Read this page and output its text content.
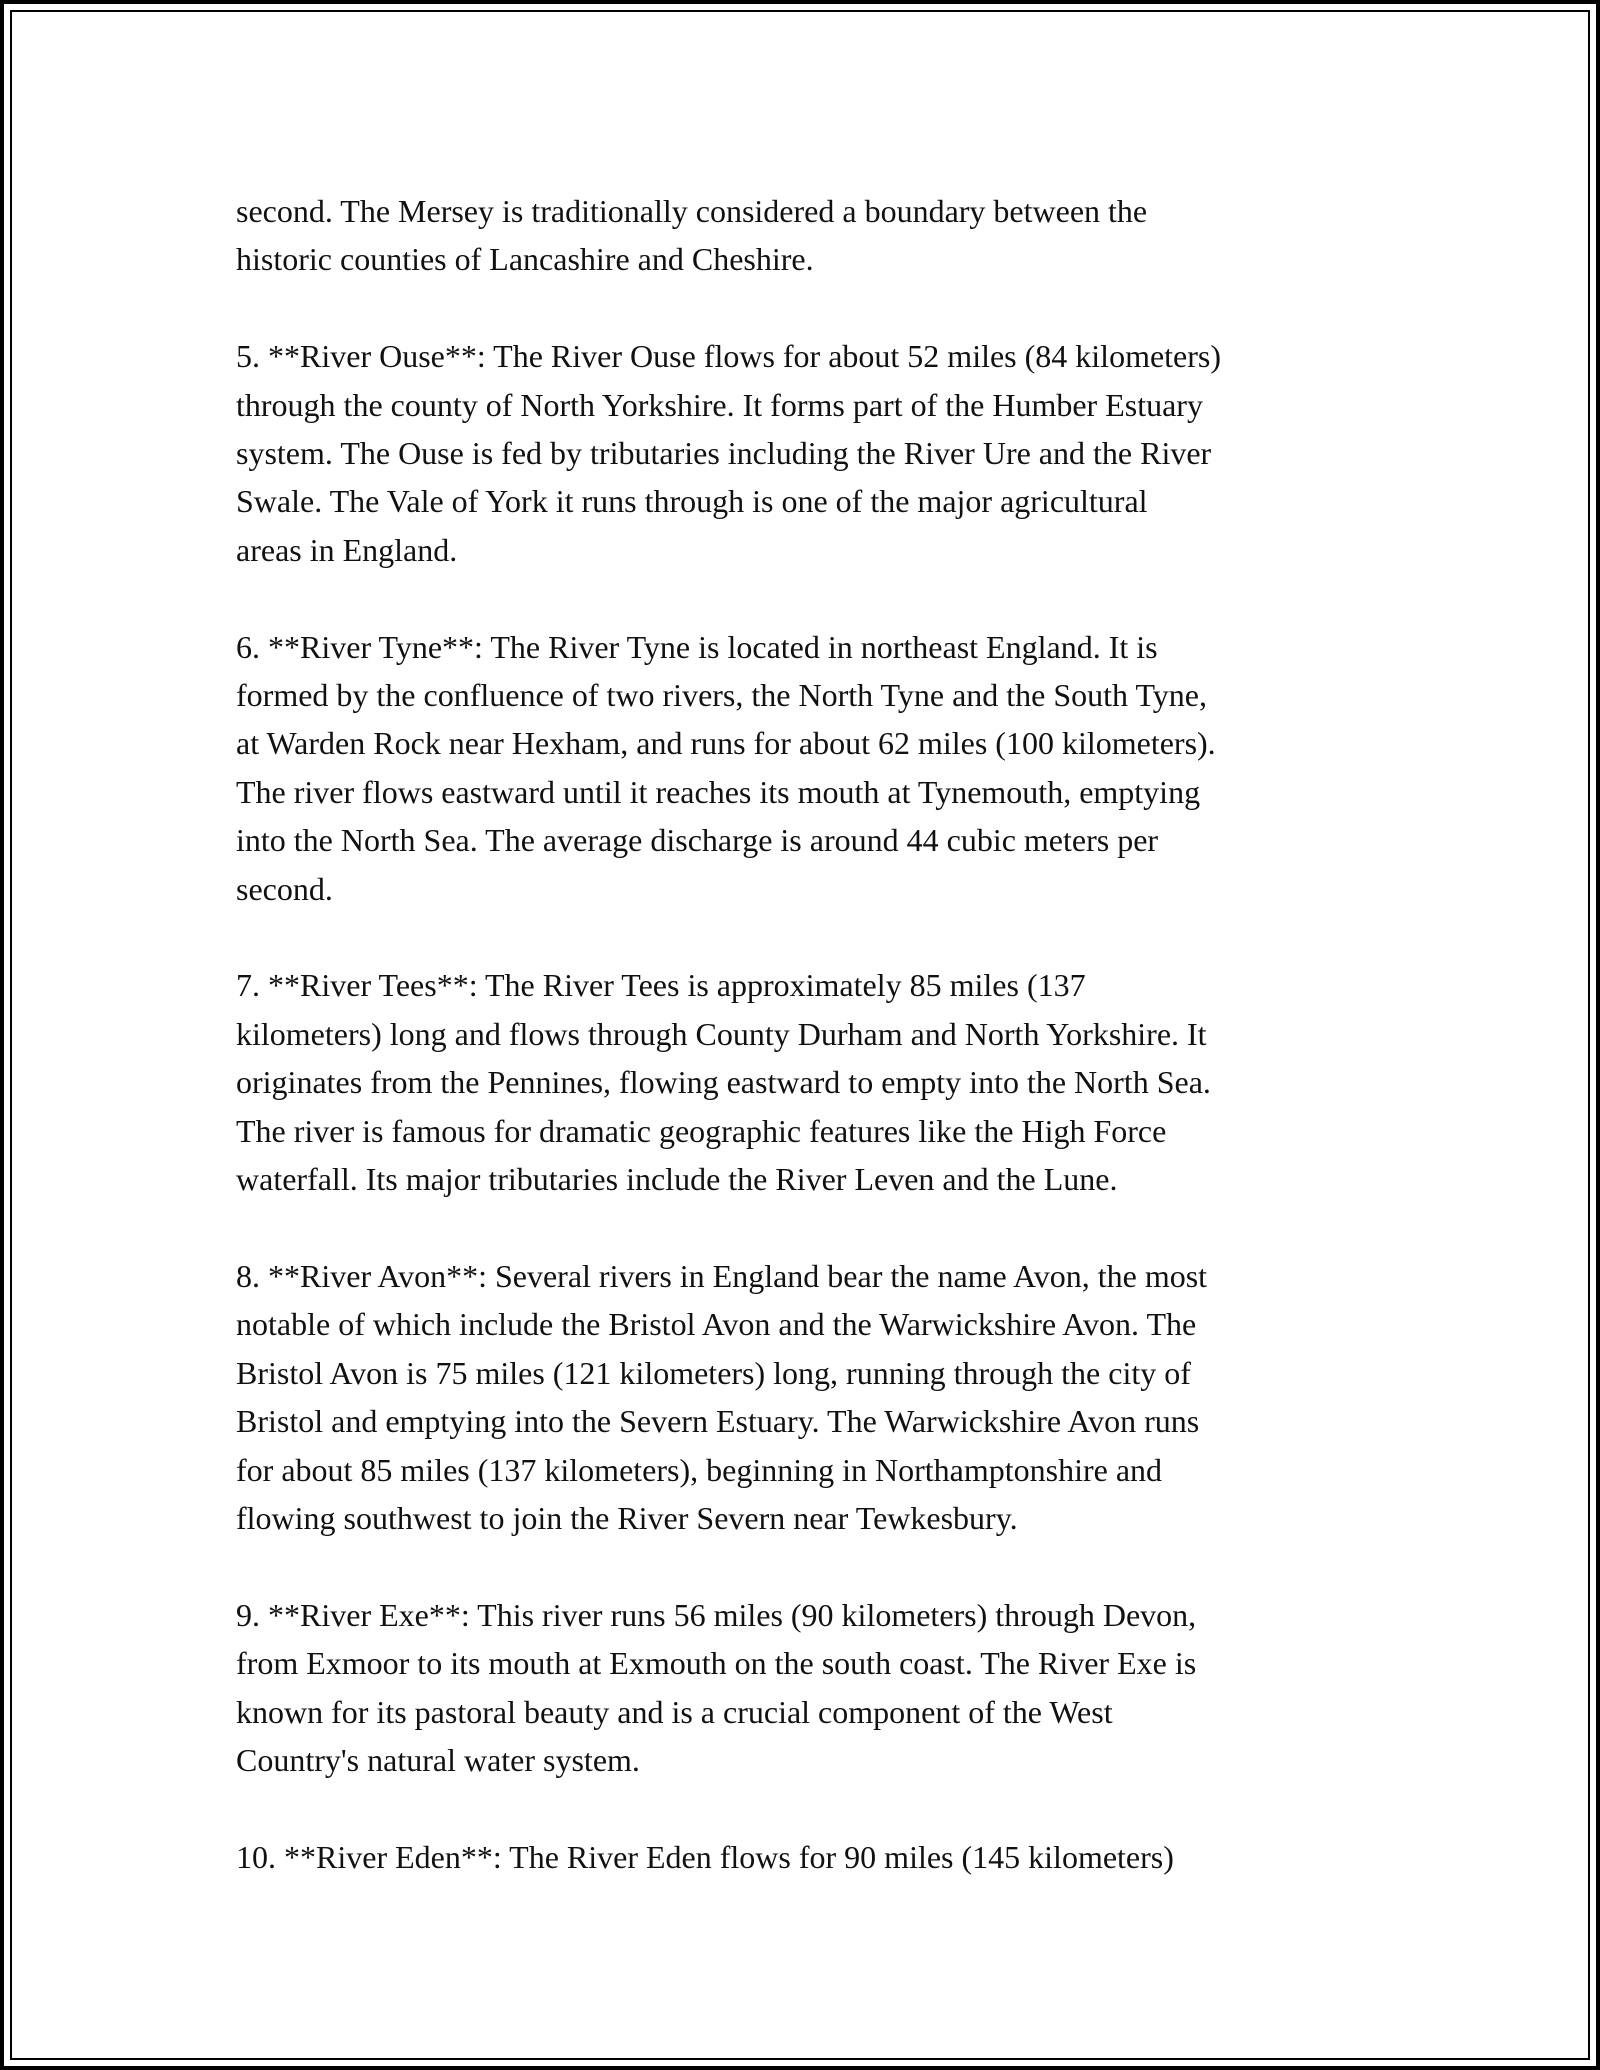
second. The Mersey is traditionally considered a boundary between the
historic counties of Lancashire and Cheshire.

5. **River Ouse**: The River Ouse flows for about 52 miles (84 kilometers)
through the county of North Yorkshire. It forms part of the Humber Estuary
system. The Ouse is fed by tributaries including the River Ure and the River
Swale. The Vale of York it runs through is one of the major agricultural
areas in England.

6. **River Tyne**: The River Tyne is located in northeast England. It is
formed by the confluence of two rivers, the North Tyne and the South Tyne,
at Warden Rock near Hexham, and runs for about 62 miles (100 kilometers).
The river flows eastward until it reaches its mouth at Tynemouth, emptying
into the North Sea. The average discharge is around 44 cubic meters per
second.

7. **River Tees**: The River Tees is approximately 85 miles (137
kilometers) long and flows through County Durham and North Yorkshire. It
originates from the Pennines, flowing eastward to empty into the North Sea.
The river is famous for dramatic geographic features like the High Force
waterfall. Its major tributaries include the River Leven and the Lune.

8. **River Avon**: Several rivers in England bear the name Avon, the most
notable of which include the Bristol Avon and the Warwickshire Avon. The
Bristol Avon is 75 miles (121 kilometers) long, running through the city of
Bristol and emptying into the Severn Estuary. The Warwickshire Avon runs
for about 85 miles (137 kilometers), beginning in Northamptonshire and
flowing southwest to join the River Severn near Tewkesbury.

9. **River Exe**: This river runs 56 miles (90 kilometers) through Devon,
from Exmoor to its mouth at Exmouth on the south coast. The River Exe is
known for its pastoral beauty and is a crucial component of the West
Country's natural water system.

10. **River Eden**: The River Eden flows for 90 miles (145 kilometers)
